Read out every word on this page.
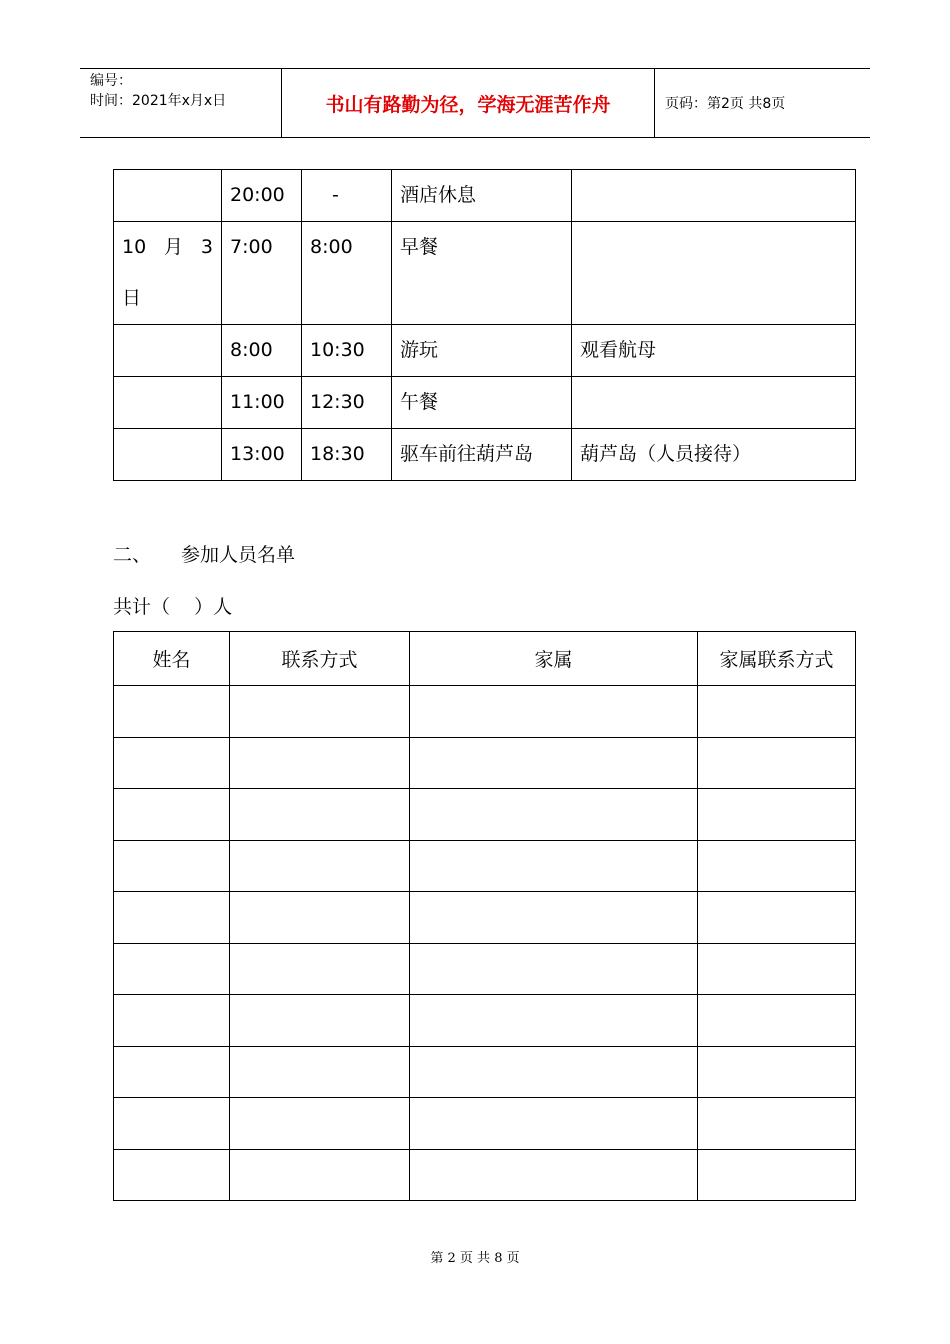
编号：
时间：2021年x月x日	书山有路勤为径，学海无涯苦作舟	页码：第2页 共8页
	20:00	-	酒店休息	

10 月 3
日	7:00	8:00	早餐	
	8:00	10:30	游玩	观看航母
	11:00	12:30	午餐	
	13:00	18:30	驱车前往葫芦岛	葫芦岛（人员接待）
二、 参加人员名单
共计（    ）人
姓名	联系方式	家属	家属联系方式

第 2 页 共 8 页
